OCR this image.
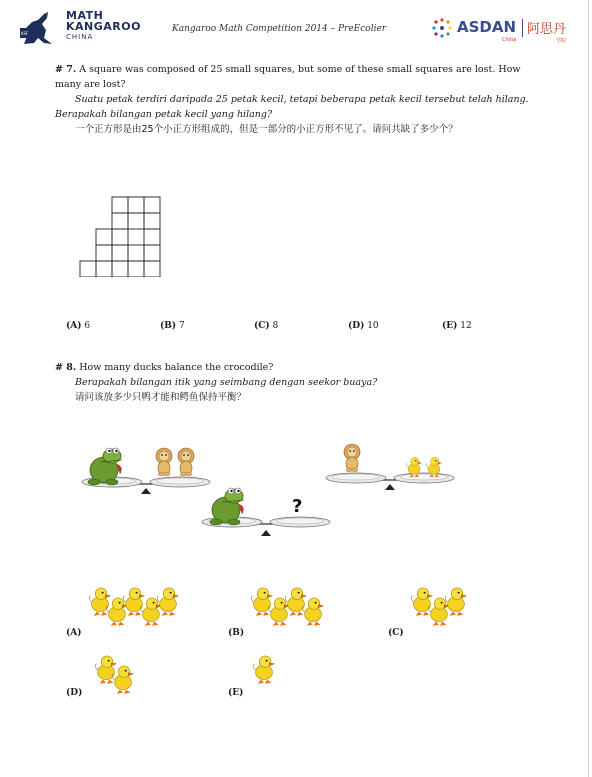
KSF
MATH
KANGAROO
CHINA
Kangaroo Math Competition 2014 – PreEcolier	ASDAN 阿思丹
China	学院
# 7. A square was composed of 25 small squares, but some of these small squares are lost. How many are lost?
Suatu petak terdiri daripada 25 petak kecil, tetapi beberapa petak kecil tersebut telah hilang. Berapakah bilangan petak kecil yang hilang?
一个正方形是由25个小正方形组成的，但是一部分的小正方形不见了。请问共缺了多少个？
(A) 6	(B) 7	(C) 8	(D) 10	(E) 12
# 8. How many ducks balance the crocodile?
Berapakah bilangan itik yang seimbang dengan seekor buaya?
请问该放多少只鸭才能和鳄鱼保持平衡？
?
(A)	(B)	(C)
(D)	(E)
